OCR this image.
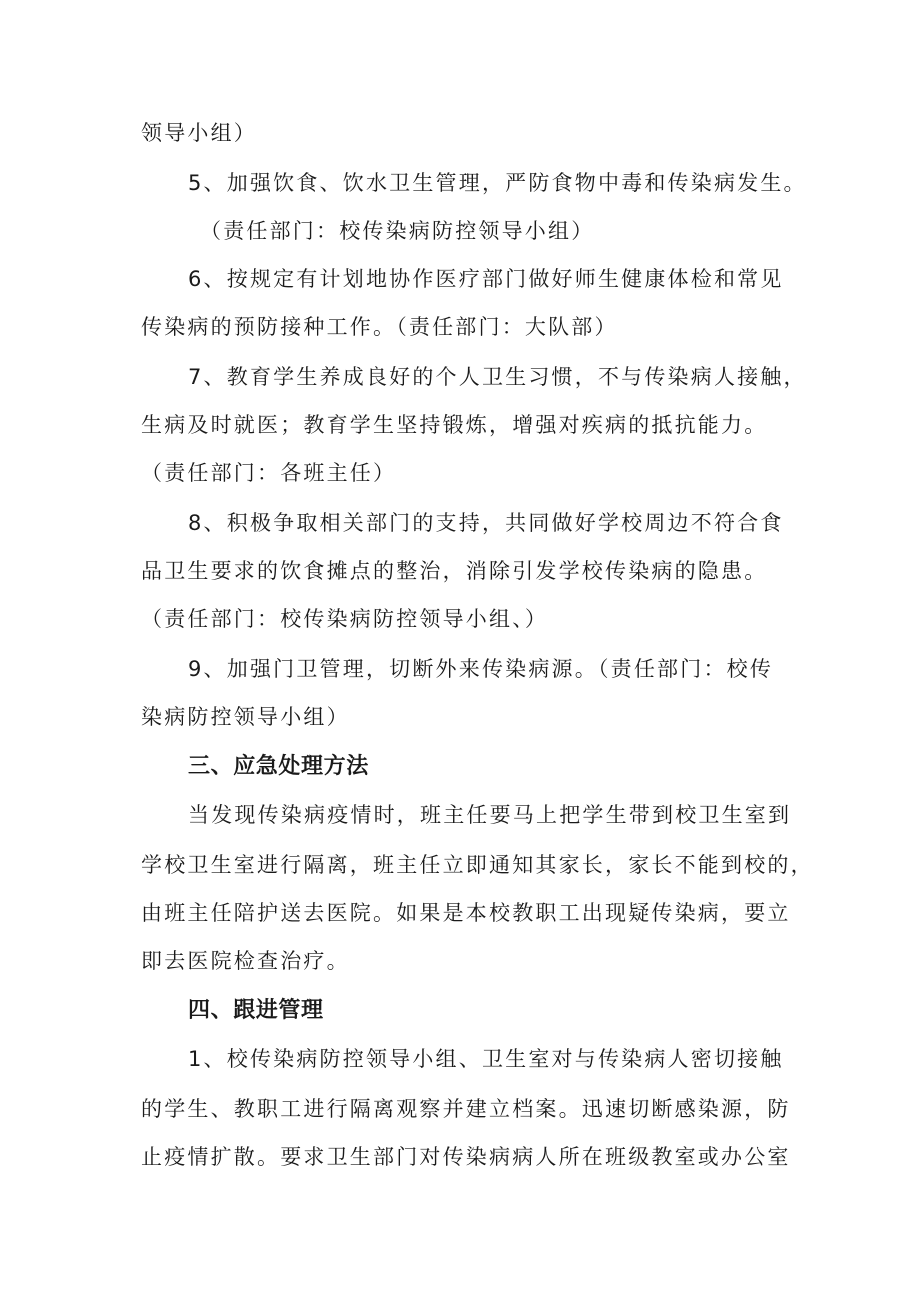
领导小组）
5、加强饮食、饮水卫生管理，严防食物中毒和传染病发生。
（责任部门：校传染病防控领导小组）
6、按规定有计划地协作医疗部门做好师生健康体检和常见
传染病的预防接种工作。（责任部门：大队部）
7、教育学生养成良好的个人卫生习惯，不与传染病人接触，
生病及时就医；教育学生坚持锻炼，增强对疾病的抵抗能力。
（责任部门：各班主任）
8、积极争取相关部门的支持，共同做好学校周边不符合食
品卫生要求的饮食摊点的整治，消除引发学校传染病的隐患。
（责任部门：校传染病防控领导小组、）
9、加强门卫管理，切断外来传染病源。（责任部门：校传
染病防控领导小组）
三、应急处理方法
当发现传染病疫情时，班主任要马上把学生带到校卫生室到
学校卫生室进行隔离，班主任立即通知其家长，家长不能到校的，
由班主任陪护送去医院。如果是本校教职工出现疑传染病，要立
即去医院检查治疗。
四、跟进管理
1、校传染病防控领导小组、卫生室对与传染病人密切接触
的学生、教职工进行隔离观察并建立档案。迅速切断感染源，防
止疫情扩散。要求卫生部门对传染病病人所在班级教室或办公室
